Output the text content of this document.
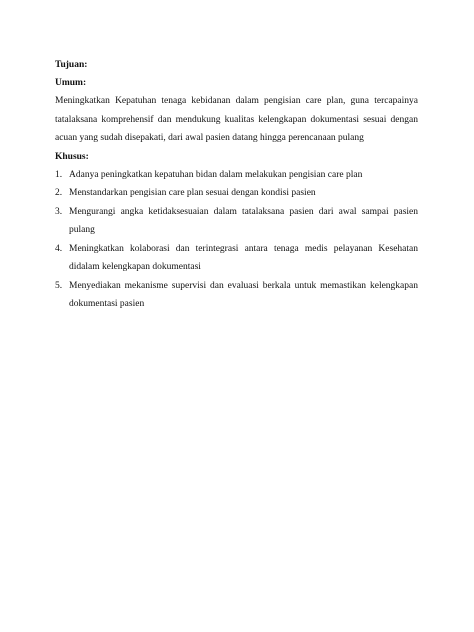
Tujuan:

Umum:

Meningkatkan Kepatuhan tenaga kebidanan dalam pengisian care plan, guna tercapainya tatalaksana komprehensif dan mendukung kualitas kelengkapan dokumentasi sesuai dengan acuan yang sudah disepakati, dari awal pasien datang hingga perencanaan pulang

Khusus:

1. Adanya peningkatkan kepatuhan bidan dalam melakukan pengisian care plan
2. Menstandarkan pengisian care plan sesuai dengan kondisi pasien
3. Mengurangi angka ketidaksesuaian dalam tatalaksana pasien dari awal sampai pasien pulang
4. Meningkatkan kolaborasi dan terintegrasi antara tenaga medis pelayanan Kesehatan didalam kelengkapan dokumentasi
5. Menyediakan mekanisme supervisi dan evaluasi berkala untuk memastikan kelengkapan dokumentasi pasien
